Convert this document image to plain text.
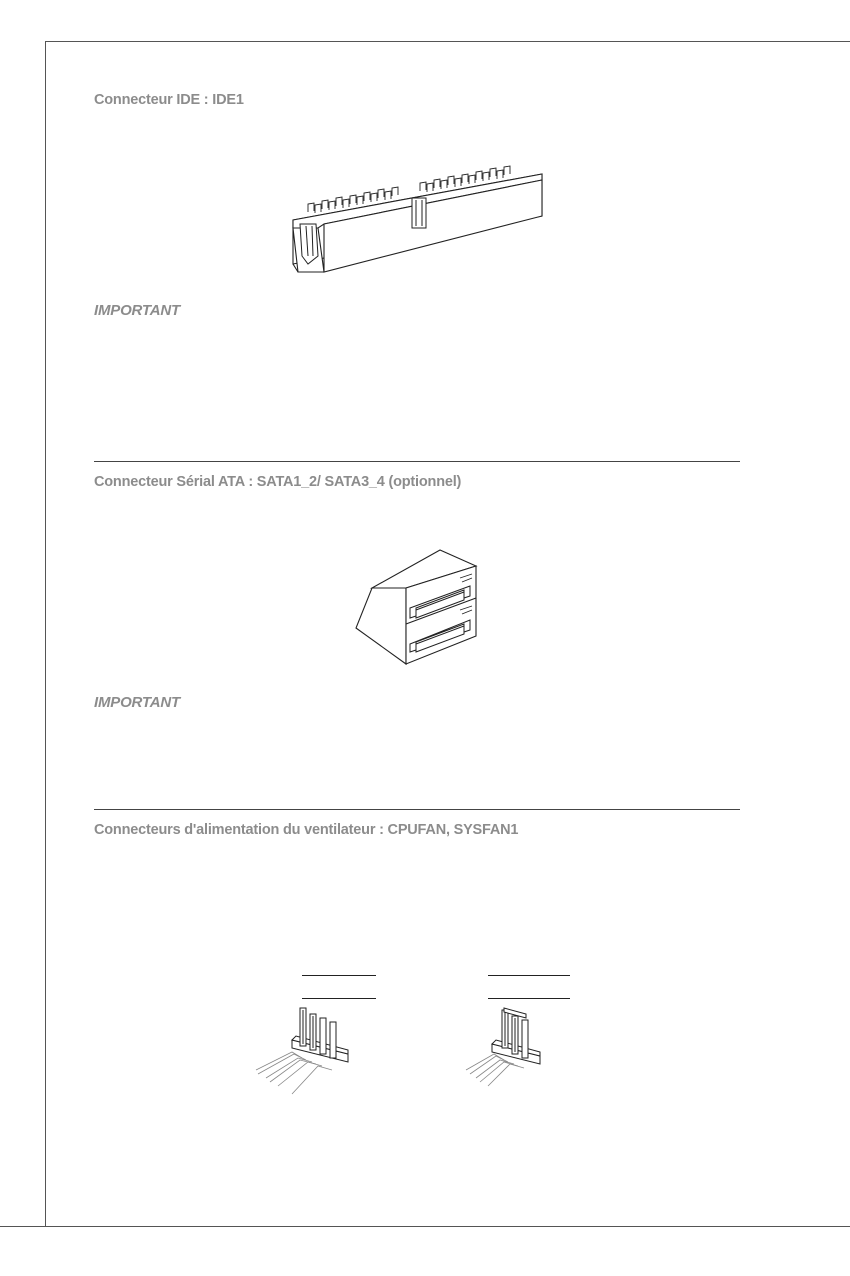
Connecteur IDE : IDE1
IMPORTANT
Connecteur Sérial ATA : SATA1_2/ SATA3_4 (optionnel)
IMPORTANT
Connecteurs d'alimentation du ventilateur : CPUFAN, SYSFAN1
